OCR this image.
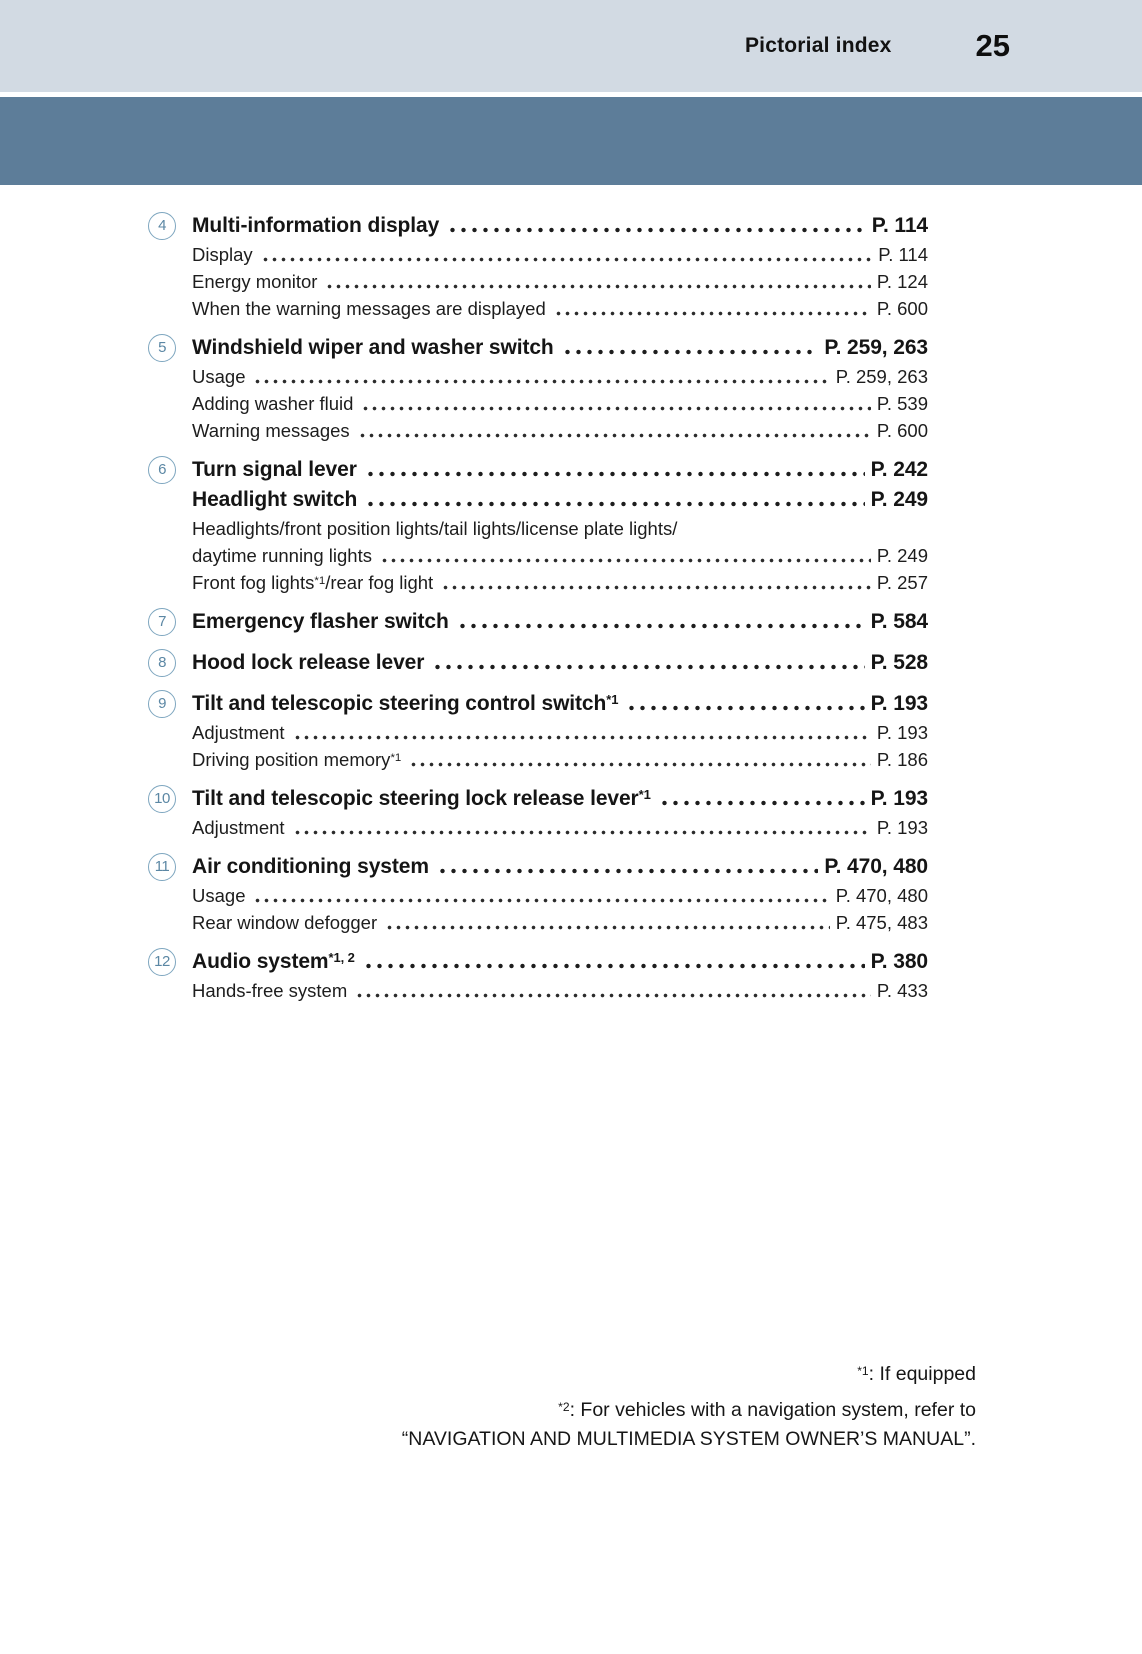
Pictorial index	25
4	Multi-information display	P. 114
Display	P. 114
Energy monitor	P. 124
When the warning messages are displayed	P. 600
5	Windshield wiper and washer switch	P. 259, 263
Usage	P. 259, 263
Adding washer fluid	P. 539
Warning messages	P. 600
6	Turn signal lever	P. 242
Headlight switch	P. 249
Headlights/front position lights/tail lights/license plate lights/
daytime running lights	P. 249
Front fog lights$^{*1}$/rear fog light	P. 257
7	Emergency flasher switch	P. 584
8	Hood lock release lever	P. 528
9	Tilt and telescopic steering control switch$^{*1}$	P. 193
Adjustment	P. 193
Driving position memory$^{*1}$	P. 186
10 Tilt and telescopic steering lock release lever$^{*1}$	P. 193
Adjustment	P. 193
11	Air conditioning system	P. 470, 480
Usage	P. 470, 480
Rear window defogger	P. 475, 483
12 Audio system$^{*1, 2}$	P. 380
Hands-free system	P. 433
$^{*1}$: If equipped
$^{*2}$: For vehicles with a navigation system, refer to
“NAVIGATION AND MULTIMEDIA SYSTEM OWNER’S MANUAL”.
